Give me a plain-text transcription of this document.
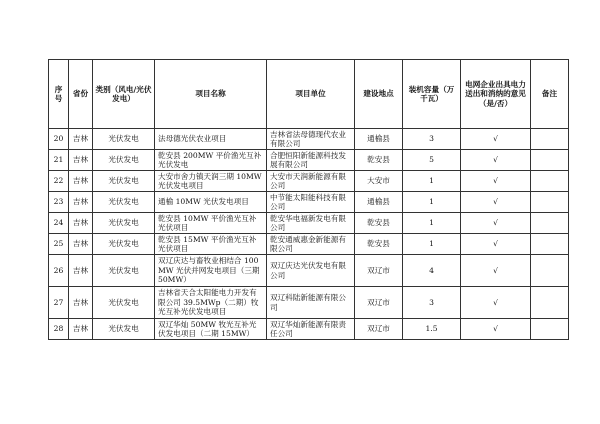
序号	省份	类别（风电/光伏发电）	项目名称	项目单位	建设地点	装机容量（万千瓦）	电网企业出具电力送出和消纳的意见（是/否）	备注
20	吉林	光伏发电	法母德光伏农业项目	吉林省法母德现代农业有限公司	通榆县	3	√	
21	吉林	光伏发电	乾安县 200MW 平价渔光互补光伏发电	合肥恒阳新能源科技发展有限公司	乾安县	5	√	
22	吉林	光伏发电	大安市舍力镇天润三期 10MW 光伏发电项目	大安市天润新能源有限公司	大安市	1	√	
23	吉林	光伏发电	通榆 10MW 光伏发电项目	中节能太阳能科技有限公司	通榆县	1	√	
24	吉林	光伏发电	乾安县 10MW 平价渔光互补光伏项目	乾安华电福新发电有限公司	乾安县	1	√	
25	吉林	光伏发电	乾安县 15MW 平价渔光互补光伏项目	乾安通威惠金新能源有限公司	乾安县	1	√	
26	吉林	光伏发电	双辽庆达与畜牧业相结合 100MW 光伏并网发电项目（三期 50MW）	双辽庆达光伏发电有限公司	双辽市	4	√	
27	吉林	光伏发电	吉林省天合太阳能电力开发有限公司 39.5MWp（二期）牧光互补光伏发电项目	双辽科陆新能源有限公司	双辽市	3	√	
28	吉林	光伏发电	双辽华灿 50MW 牧光互补光伏发电项目（二期 15MW）	双辽华灿新能源有限责任公司	双辽市	1.5	√	
